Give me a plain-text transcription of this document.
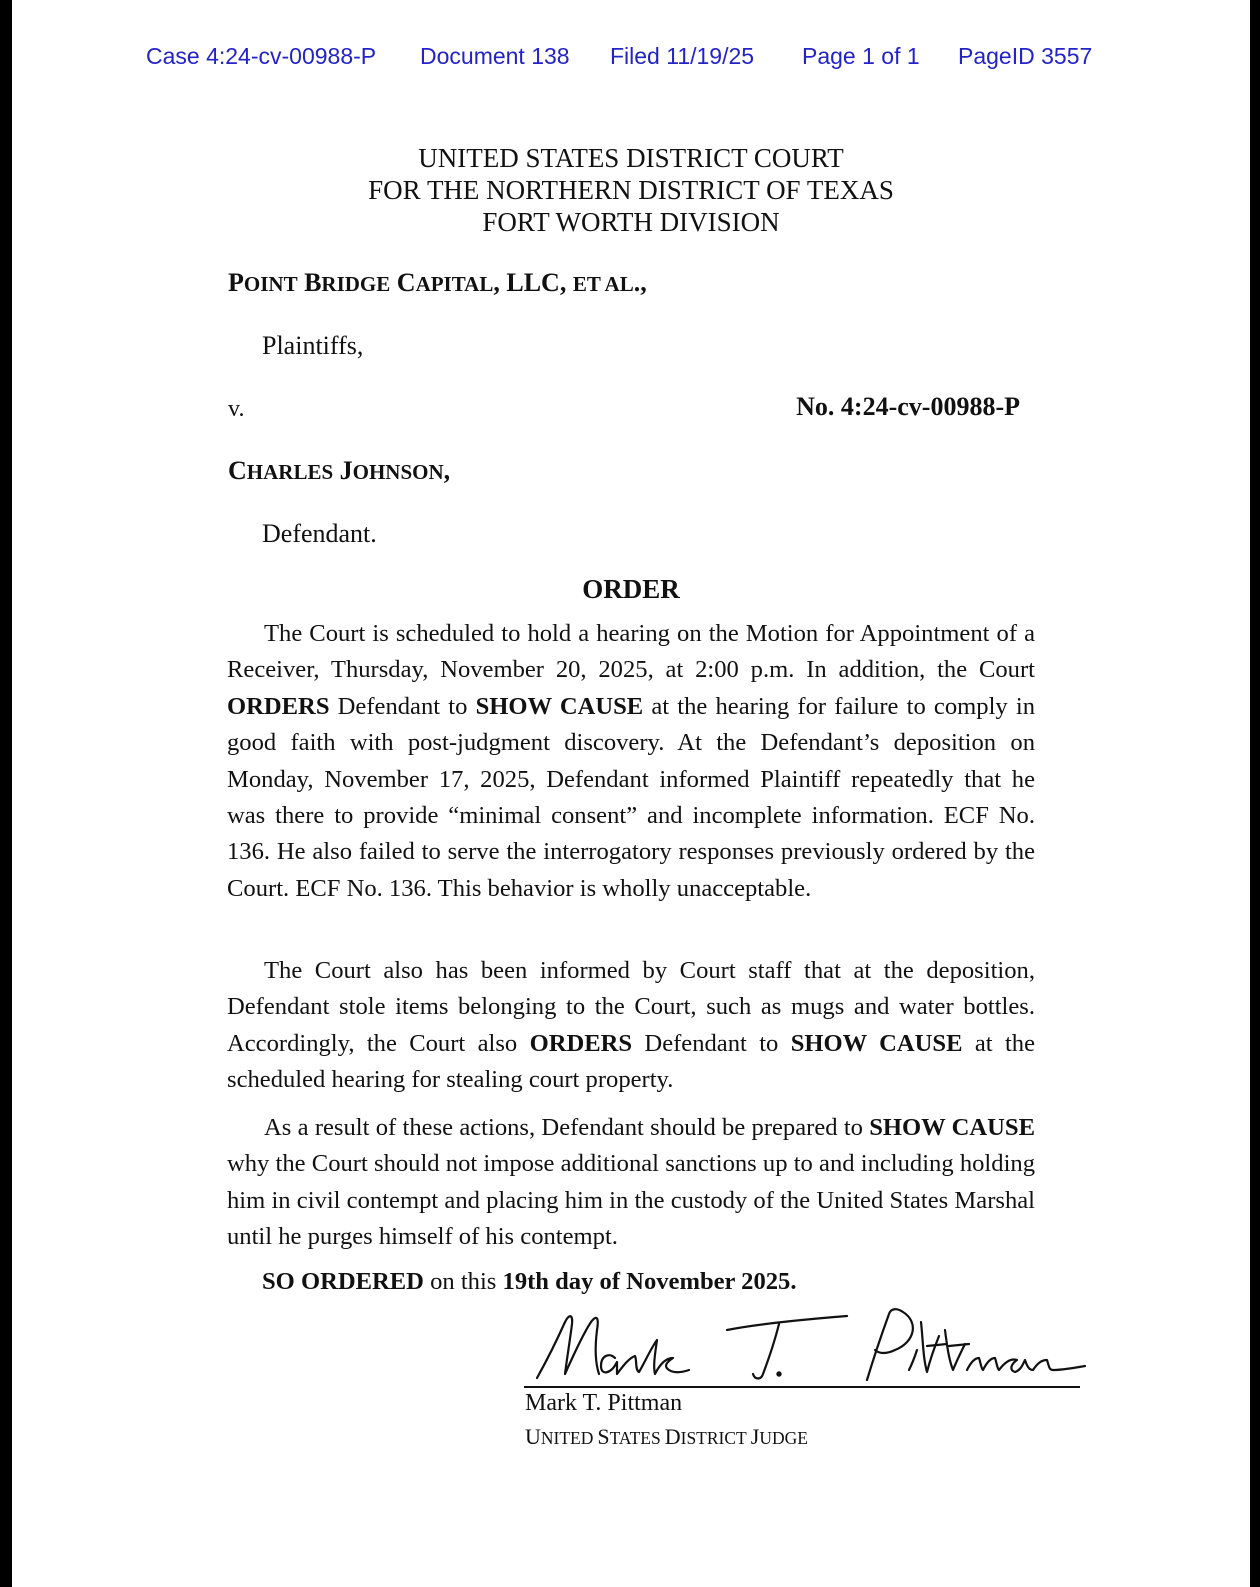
Case 4:24-cv-00988-P Document 138 Filed 11/19/25 Page 1 of 1 PageID 3557
UNITED STATES DISTRICT COURT
FOR THE NORTHERN DISTRICT OF TEXAS
FORT WORTH DIVISION
POINT BRIDGE CAPITAL, LLC, ET AL.,
Plaintiffs,
v.	No. 4:24-cv-00988-P
CHARLES JOHNSON,
Defendant.
ORDER
The Court is scheduled to hold a hearing on the Motion for Appointment of a Receiver, Thursday, November 20, 2025, at 2:00 p.m. In addition, the Court ORDERS Defendant to SHOW CAUSE at the hearing for failure to comply in good faith with post-judgment discovery. At the Defendant’s deposition on Monday, November 17, 2025, Defendant informed Plaintiff repeatedly that he was there to provide “minimal consent” and incomplete information. ECF No. 136. He also failed to serve the interrogatory responses previously ordered by the Court. ECF No. 136. This behavior is wholly unacceptable.
The Court also has been informed by Court staff that at the deposition, Defendant stole items belonging to the Court, such as mugs and water bottles. Accordingly, the Court also ORDERS Defendant to SHOW CAUSE at the scheduled hearing for stealing court property.
As a result of these actions, Defendant should be prepared to SHOW CAUSE why the Court should not impose additional sanctions up to and including holding him in civil contempt and placing him in the custody of the United States Marshal until he purges himself of his contempt.
SO ORDERED on this 19th day of November 2025.
Mark T. Pittman
UNITED STATES DISTRICT JUDGE
